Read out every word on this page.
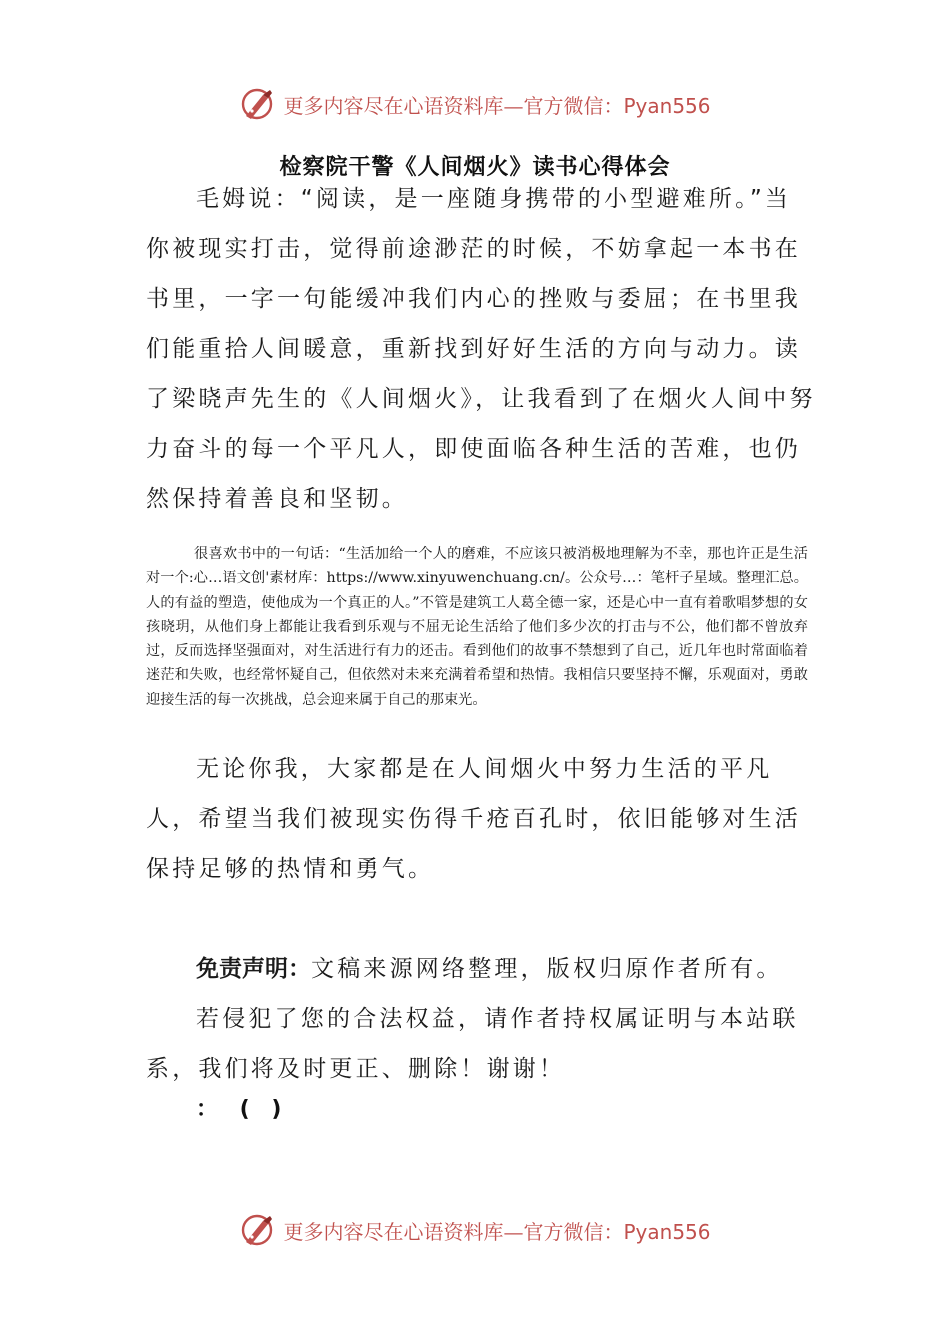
更多内容尽在心语资料库—官方微信：Pyan556
检察院干警《人间烟火》读书心得体会

毛姆说：“阅读，是一座随身携带的小型避难所。”当你被现实打击，觉得前途渺茫的时候，不妨拿起一本书在书里，一字一句能缓冲我们内心的挫败与委屈；在书里我们能重拾人间暖意，重新找到好好生活的方向与动力。读了梁晓声先生的《人间烟火》，让我看到了在烟火人间中努力奋斗的每一个平凡人，即使面临各种生活的苦难，也仍然保持着善良和坚韧。

很喜欢书中的一句话：“生活加给一个人的磨难，不应该只被消极地理解为不幸，那也许正是生活对一个:心…语文创'素材库：https://www.xinyuwenchuang.cn/。公众号…：笔杆子星域。整理汇总。人的有益的塑造，使他成为一个真正的人。”不管是建筑工人葛全德一家，还是心中一直有着歌唱梦想的女孩晓玥，从他们身上都能让我看到乐观与不屈无论生活给了他们多少次的打击与不公，他们都不曾放弃过，反而选择坚强面对，对生活进行有力的还击。看到他们的故事不禁想到了自己，近几年也时常面临着迷茫和失败，也经常怀疑自己，但依然对未来充满着希望和热情。我相信只要坚持不懈，乐观面对，勇敢迎接生活的每一次挑战，总会迎来属于自己的那束光。

无论你我，大家都是在人间烟火中努力生活的平凡人，希望当我们被现实伤得千疮百孔时，依旧能够对生活保持足够的热情和勇气。

免责声明：文稿来源网络整理，版权归原作者所有。

若侵犯了您的合法权益，请作者持权属证明与本站联系，我们将及时更正、删除！谢谢！

： ( )
更多内容尽在心语资料库—官方微信：Pyan556
